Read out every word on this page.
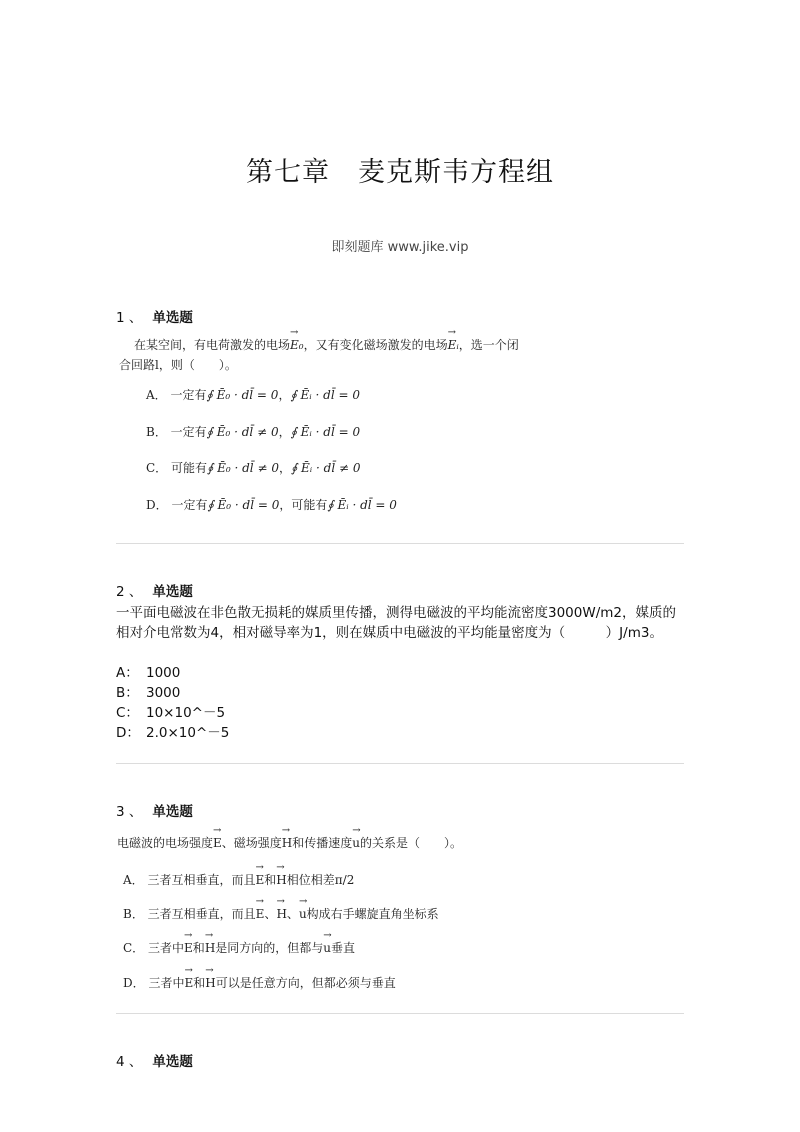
第七章　麦克斯韦方程组
即刻题库 www.jike.vip
1 、 单选题
在某空间，有电荷激发的电场→ E₀，又有变化磁场激发的电场→ Eᵢ，选一个闭
合回路l，则（　　）。
A． 一定有∮ Ē₀ · dl̄ = 0，∮ Ēᵢ · dl̄ = 0
B． 一定有∮ Ē₀ · dl̄ ≠ 0，∮ Ēᵢ · dl̄ = 0
C． 可能有∮ Ē₀ · dl̄ ≠ 0，∮ Ēᵢ · dl̄ ≠ 0
D． 一定有∮ Ē₀ · dl̄ = 0，可能有∮ Ēᵢ · dl̄ = 0
2 、 单选题
一平面电磁波在非色散无损耗的媒质里传播，测得电磁波的平均能流密度3000W/m2，媒质的相对介电常数为4，相对磁导率为1，则在媒质中电磁波的平均能量密度为（　　　）J/m3。
A： 1000
B： 3000
C： 10×10^－5
D： 2.0×10^－5
3 、 单选题
电磁波的电场强度→ E、磁场强度→ H和传播速度→ u的关系是（　　）。
A． 三者互相垂直，而且→ E和→ H相位相差π/2
B． 三者互相垂直，而且→ E、→ H、→ u构成右手螺旋直角坐标系
C． 三者中→ E和→ H是同方向的，但都与→ u垂直
D． 三者中→ E和→ H可以是任意方向，但都必须与垂直
4 、 单选题
